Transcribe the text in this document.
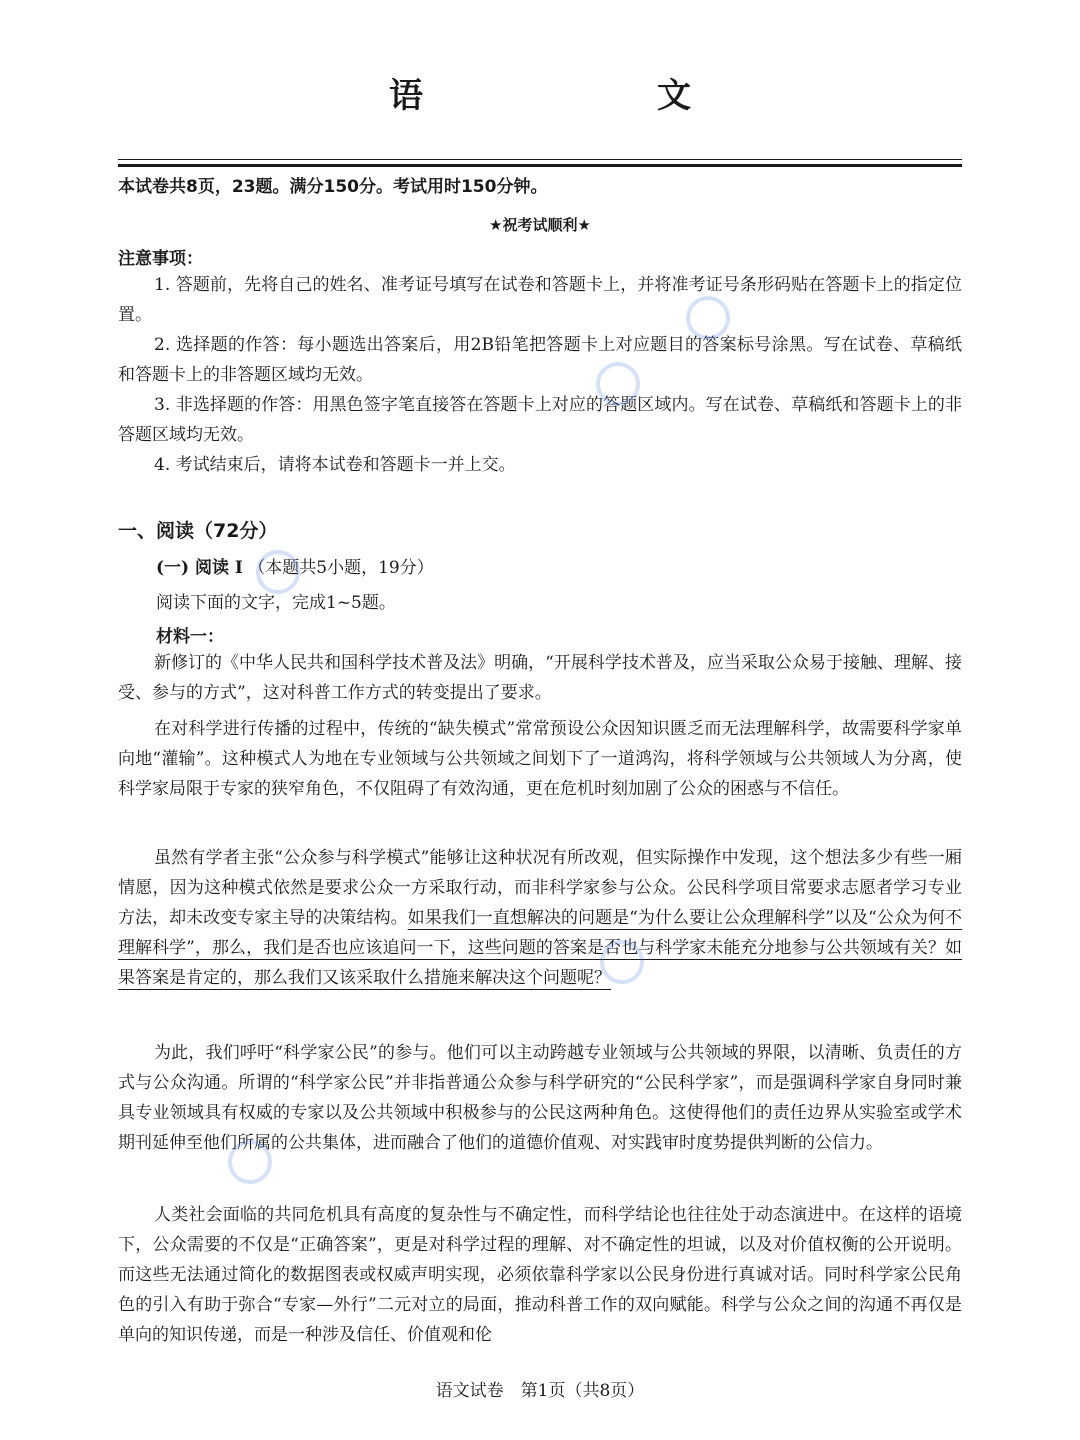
语　文
本试卷共8页，23题。满分150分。考试用时150分钟。
★祝考试顺利★
注意事项：
1. 答题前，先将自己的姓名、准考证号填写在试卷和答题卡上，并将准考证号条形码贴在答题卡上的指定位置。
2. 选择题的作答：每小题选出答案后，用2B铅笔把答题卡上对应题目的答案标号涂黑。写在试卷、草稿纸和答题卡上的非答题区域均无效。
3. 非选择题的作答：用黑色签字笔直接答在答题卡上对应的答题区域内。写在试卷、草稿纸和答题卡上的非答题区域均无效。
4. 考试结束后，请将本试卷和答题卡一并上交。
一、阅读（72分）
(一) 阅读 I （本题共5小题，19分）
阅读下面的文字，完成1~5题。
材料一：
新修订的《中华人民共和国科学技术普及法》明确，“开展科学技术普及，应当采取公众易于接触、理解、接受、参与的方式”，这对科普工作方式的转变提出了要求。
在对科学进行传播的过程中，传统的“缺失模式”常常预设公众因知识匮乏而无法理解科学，故需要科学家单向地“灌输”。这种模式人为地在专业领域与公共领域之间划下了一道鸿沟，将科学领域与公共领域人为分离，使科学家局限于专家的狭窄角色，不仅阻碍了有效沟通，更在危机时刻加剧了公众的困惑与不信任。
虽然有学者主张“公众参与科学模式”能够让这种状况有所改观，但实际操作中发现，这个想法多少有些一厢情愿，因为这种模式依然是要求公众一方采取行动，而非科学家参与公众。公民科学项目常要求志愿者学习专业方法，却未改变专家主导的决策结构。如果我们一直想解决的问题是“为什么要让公众理解科学”以及“公众为何不理解科学”，那么，我们是否也应该追问一下，这些问题的答案是否也与科学家未能充分地参与公共领域有关？如果答案是肯定的，那么我们又该采取什么措施来解决这个问题呢？
为此，我们呼吁“科学家公民”的参与。他们可以主动跨越专业领域与公共领域的界限，以清晰、负责任的方式与公众沟通。所谓的“科学家公民”并非指普通公众参与科学研究的“公民科学家”，而是强调科学家自身同时兼具专业领域具有权威的专家以及公共领域中积极参与的公民这两种角色。这使得他们的责任边界从实验室或学术期刊延伸至他们所属的公共集体，进而融合了他们的道德价值观、对实践审时度势提供判断的公信力。
人类社会面临的共同危机具有高度的复杂性与不确定性，而科学结论也往往处于动态演进中。在这样的语境下，公众需要的不仅是“正确答案”，更是对科学过程的理解、对不确定性的坦诚，以及对价值权衡的公开说明。而这些无法通过简化的数据图表或权威声明实现，必须依靠科学家以公民身份进行真诚对话。同时科学家公民角色的引入有助于弥合“专家—外行”二元对立的局面，推动科普工作的双向赋能。科学与公众之间的沟通不再仅是单向的知识传递，而是一种涉及信任、价值观和伦
语文试卷　第1页（共8页）
